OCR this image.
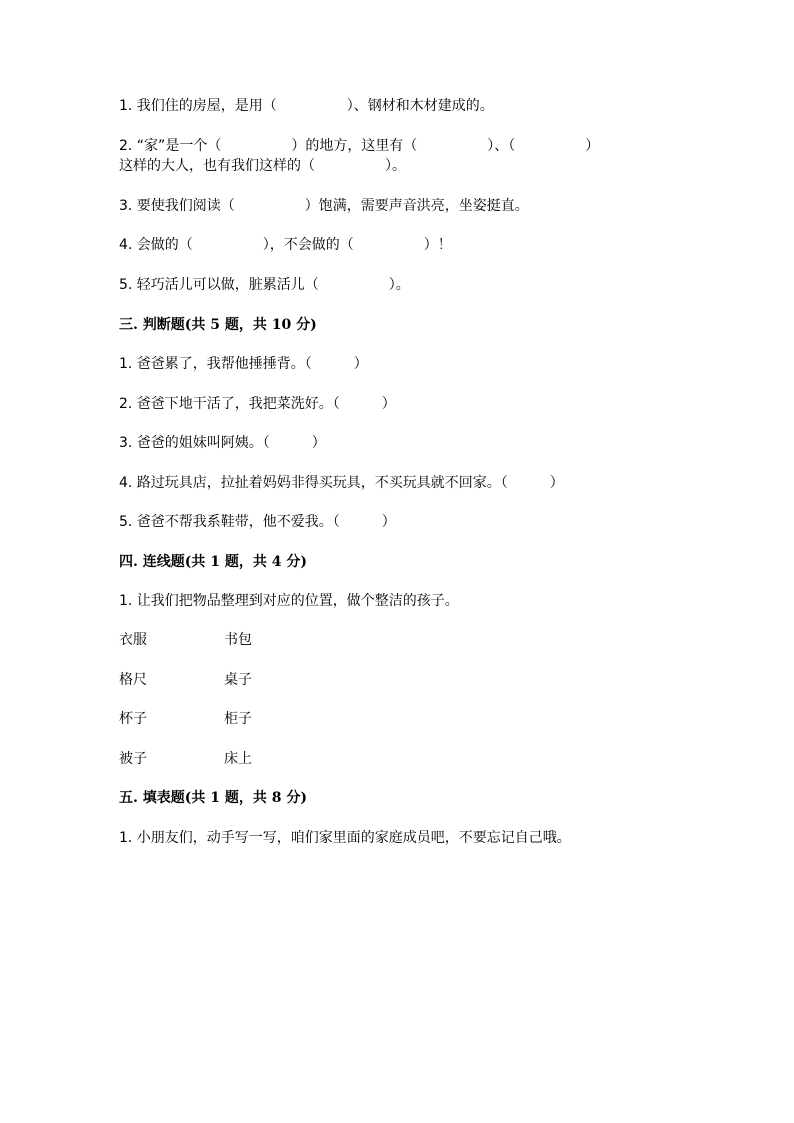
1. 我们住的房屋，是用（　　　　　）、钢材和木材建成的。
2. “家”是一个（　　　　　）的地方，这里有（　　　　　）、（　　　　　）
这样的大人，也有我们这样的（　　　　　）。
3. 要使我们阅读（　　　　　）饱满，需要声音洪亮，坐姿挺直。
4. 会做的（　　　　　），不会做的（　　　　　）！
5. 轻巧活儿可以做，脏累活儿（　　　　　）。
三. 判断题(共 5 题，共 10 分)
1. 爸爸累了，我帮他捶捶背。（　　　）
2. 爸爸下地干活了，我把菜洗好。（　　　）
3. 爸爸的姐妹叫阿姨。（　　　）
4. 路过玩具店，拉扯着妈妈非得买玩具，不买玩具就不回家。（　　　）
5. 爸爸不帮我系鞋带，他不爱我。（　　　）
四. 连线题(共 1 题，共 4 分)
1. 让我们把物品整理到对应的位置，做个整洁的孩子。
衣服	书包
格尺	桌子
杯子	柜子
被子	床上
五. 填表题(共 1 题，共 8 分)
1. 小朋友们，动手写一写，咱们家里面的家庭成员吧，不要忘记自己哦。
